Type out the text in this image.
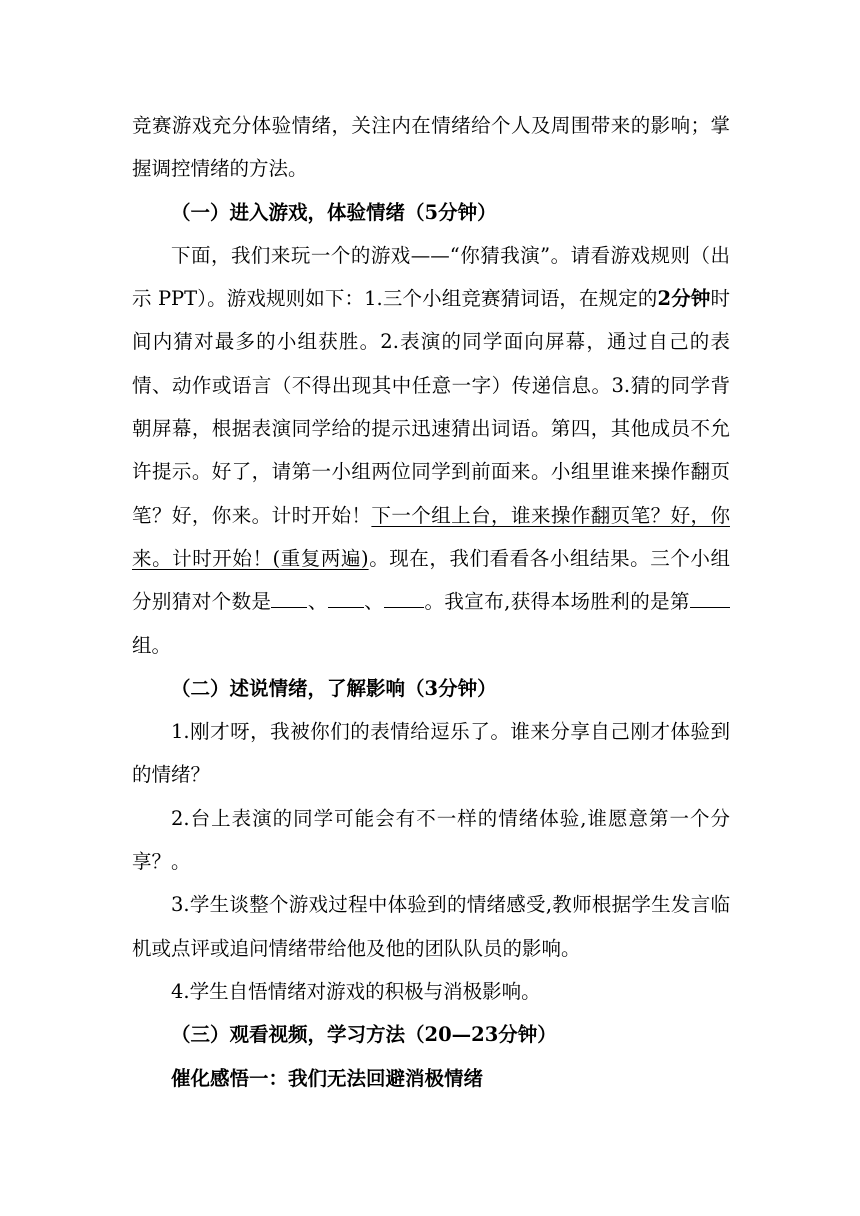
竞赛游戏充分体验情绪，关注内在情绪给个人及周围带来的影响；掌握调控情绪的方法。

（一）进入游戏，体验情绪（5分钟）

下面，我们来玩一个的游戏——“你猜我演”。请看游戏规则（出示 PPT）。游戏规则如下：1.三个小组竞赛猜词语，在规定的2分钟时间内猜对最多的小组获胜。2.表演的同学面向屏幕，通过自己的表情、动作或语言（不得出现其中任意一字）传递信息。3.猜的同学背朝屏幕，根据表演同学给的提示迅速猜出词语。第四，其他成员不允许提示。好了，请第一小组两位同学到前面来。小组里谁来操作翻页笔？好，你来。计时开始！下一个组上台，谁来操作翻页笔？好，你来。计时开始！(重复两遍)。现在，我们看看各小组结果。三个小组分别猜对个数是 、 、 。我宣布,获得本场胜利的是第组。

（二）述说情绪，了解影响（3分钟）

1.刚才呀，我被你们的表情给逗乐了。谁来分享自己刚才体验到的情绪？

2.台上表演的同学可能会有不一样的情绪体验,谁愿意第一个分享？。

3.学生谈整个游戏过程中体验到的情绪感受,教师根据学生发言临机或点评或追问情绪带给他及他的团队队员的影响。

4.学生自悟情绪对游戏的积极与消极影响。

（三）观看视频，学习方法（20—23分钟）

催化感悟一：我们无法回避消极情绪
